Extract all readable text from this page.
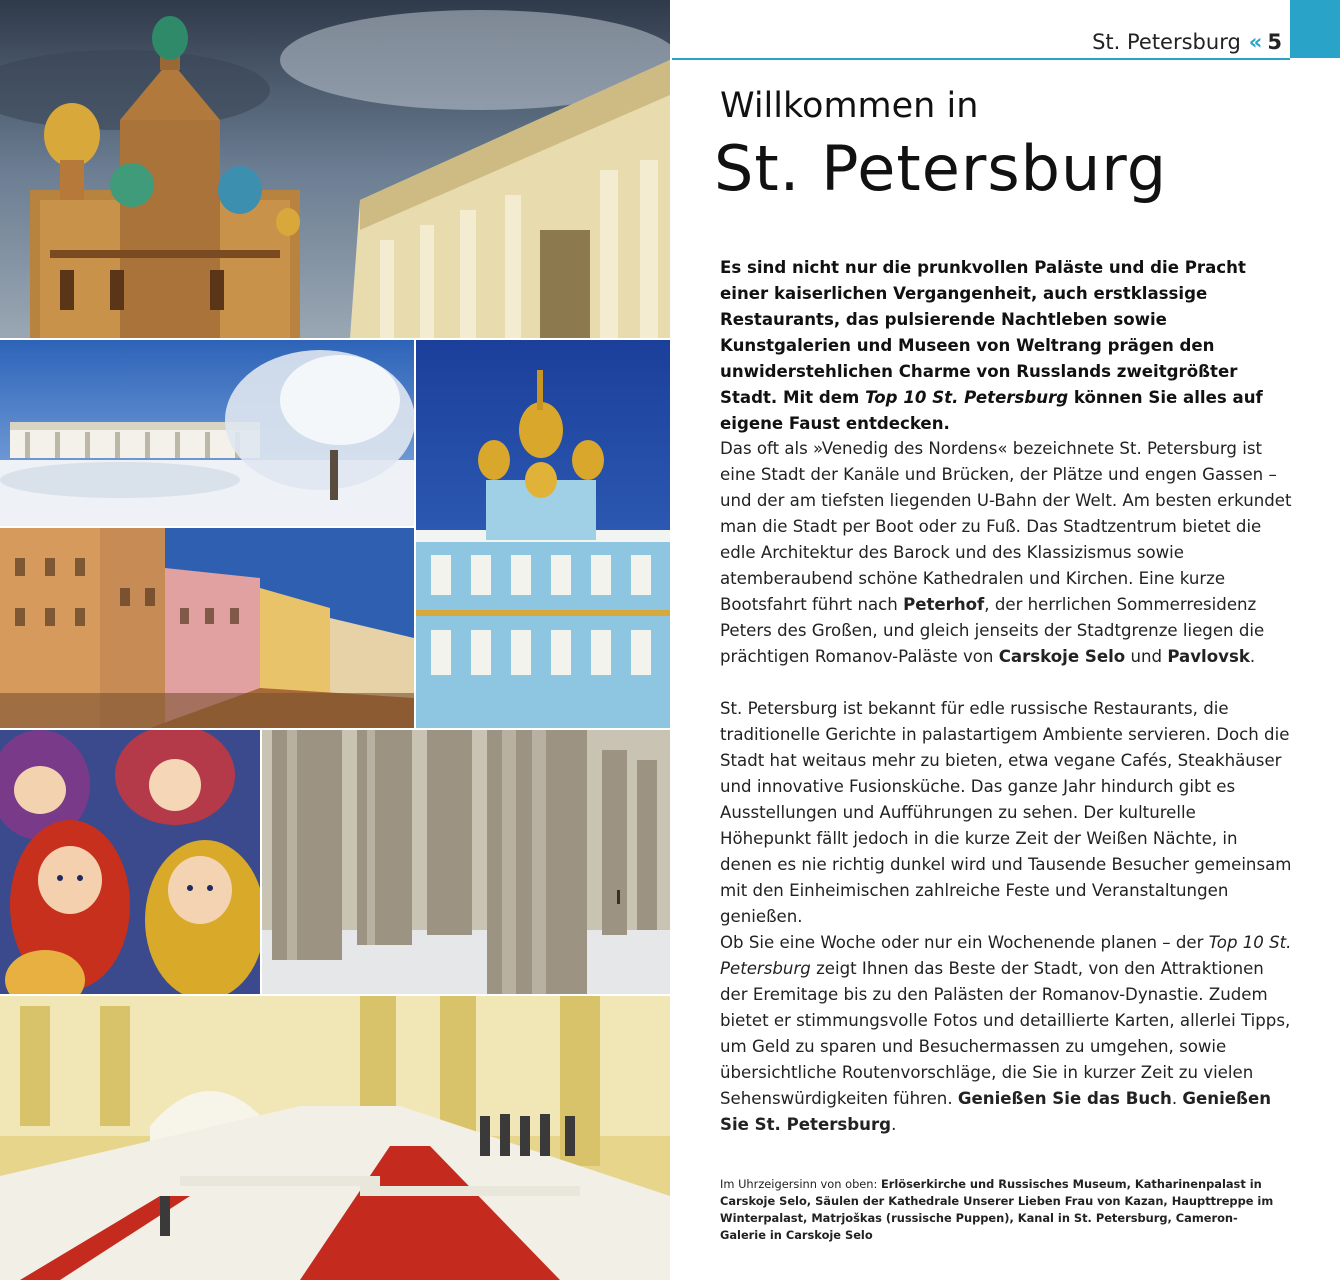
St. Petersburg « 5
Willkommen in
St. Petersburg
Es sind nicht nur die prunkvollen Paläste und die Pracht einer kaiserlichen Vergangenheit, auch erstklassige Restaurants, das pulsierende Nachtleben sowie Kunstgalerien und Museen von Weltrang prägen den unwiderstehlichen Charme von Russlands zweitgrößter Stadt. Mit dem Top 10 St. Petersburg können Sie alles auf eigene Faust entdecken.
Das oft als »Venedig des Nordens« bezeichnete St. Petersburg ist eine Stadt der Kanäle und Brücken, der Plätze und engen Gassen – und der am tiefsten liegenden U-Bahn der Welt. Am besten erkundet man die Stadt per Boot oder zu Fuß. Das Stadtzentrum bietet die edle Architektur des Barock und des Klassizismus sowie atemberaubend schöne Kathedralen und Kirchen. Eine kurze Bootsfahrt führt nach Peterhof, der herrlichen Sommerresidenz Peters des Großen, und gleich jenseits der Stadtgrenze liegen die prächtigen Romanov-Paläste von Carskoje Selo und Pavlovsk.
St. Petersburg ist bekannt für edle russische Restaurants, die traditionelle Gerichte in palastartigem Ambiente servieren. Doch die Stadt hat weitaus mehr zu bieten, etwa vegane Cafés, Steakhäuser und innovative Fusionsküche. Das ganze Jahr hindurch gibt es Ausstellungen und Aufführungen zu sehen. Der kulturelle Höhepunkt fällt jedoch in die kurze Zeit der Weißen Nächte, in denen es nie richtig dunkel wird und Tausende Besucher gemeinsam mit den Einheimischen zahlreiche Feste und Veranstaltungen genießen.
Ob Sie eine Woche oder nur ein Wochenende planen – der Top 10 St. Petersburg zeigt Ihnen das Beste der Stadt, von den Attraktionen der Eremitage bis zu den Palästen der Romanov-Dynastie. Zudem bietet er stimmungsvolle Fotos und detaillierte Karten, allerlei Tipps, um Geld zu sparen und Besuchermassen zu umgehen, sowie übersichtliche Routenvorschläge, die Sie in kurzer Zeit zu vielen Sehenswürdigkeiten führen. Genießen Sie das Buch. Genießen Sie St. Petersburg.
Im Uhrzeigersinn von oben: Erlöserkirche und Russisches Museum, Katharinenpalast in Carskoje Selo, Säulen der Kathedrale Unserer Lieben Frau von Kazan, Haupttreppe im Winterpalast, Matrjoškas (russische Puppen), Kanal in St. Petersburg, Cameron-Galerie in Carskoje Selo
